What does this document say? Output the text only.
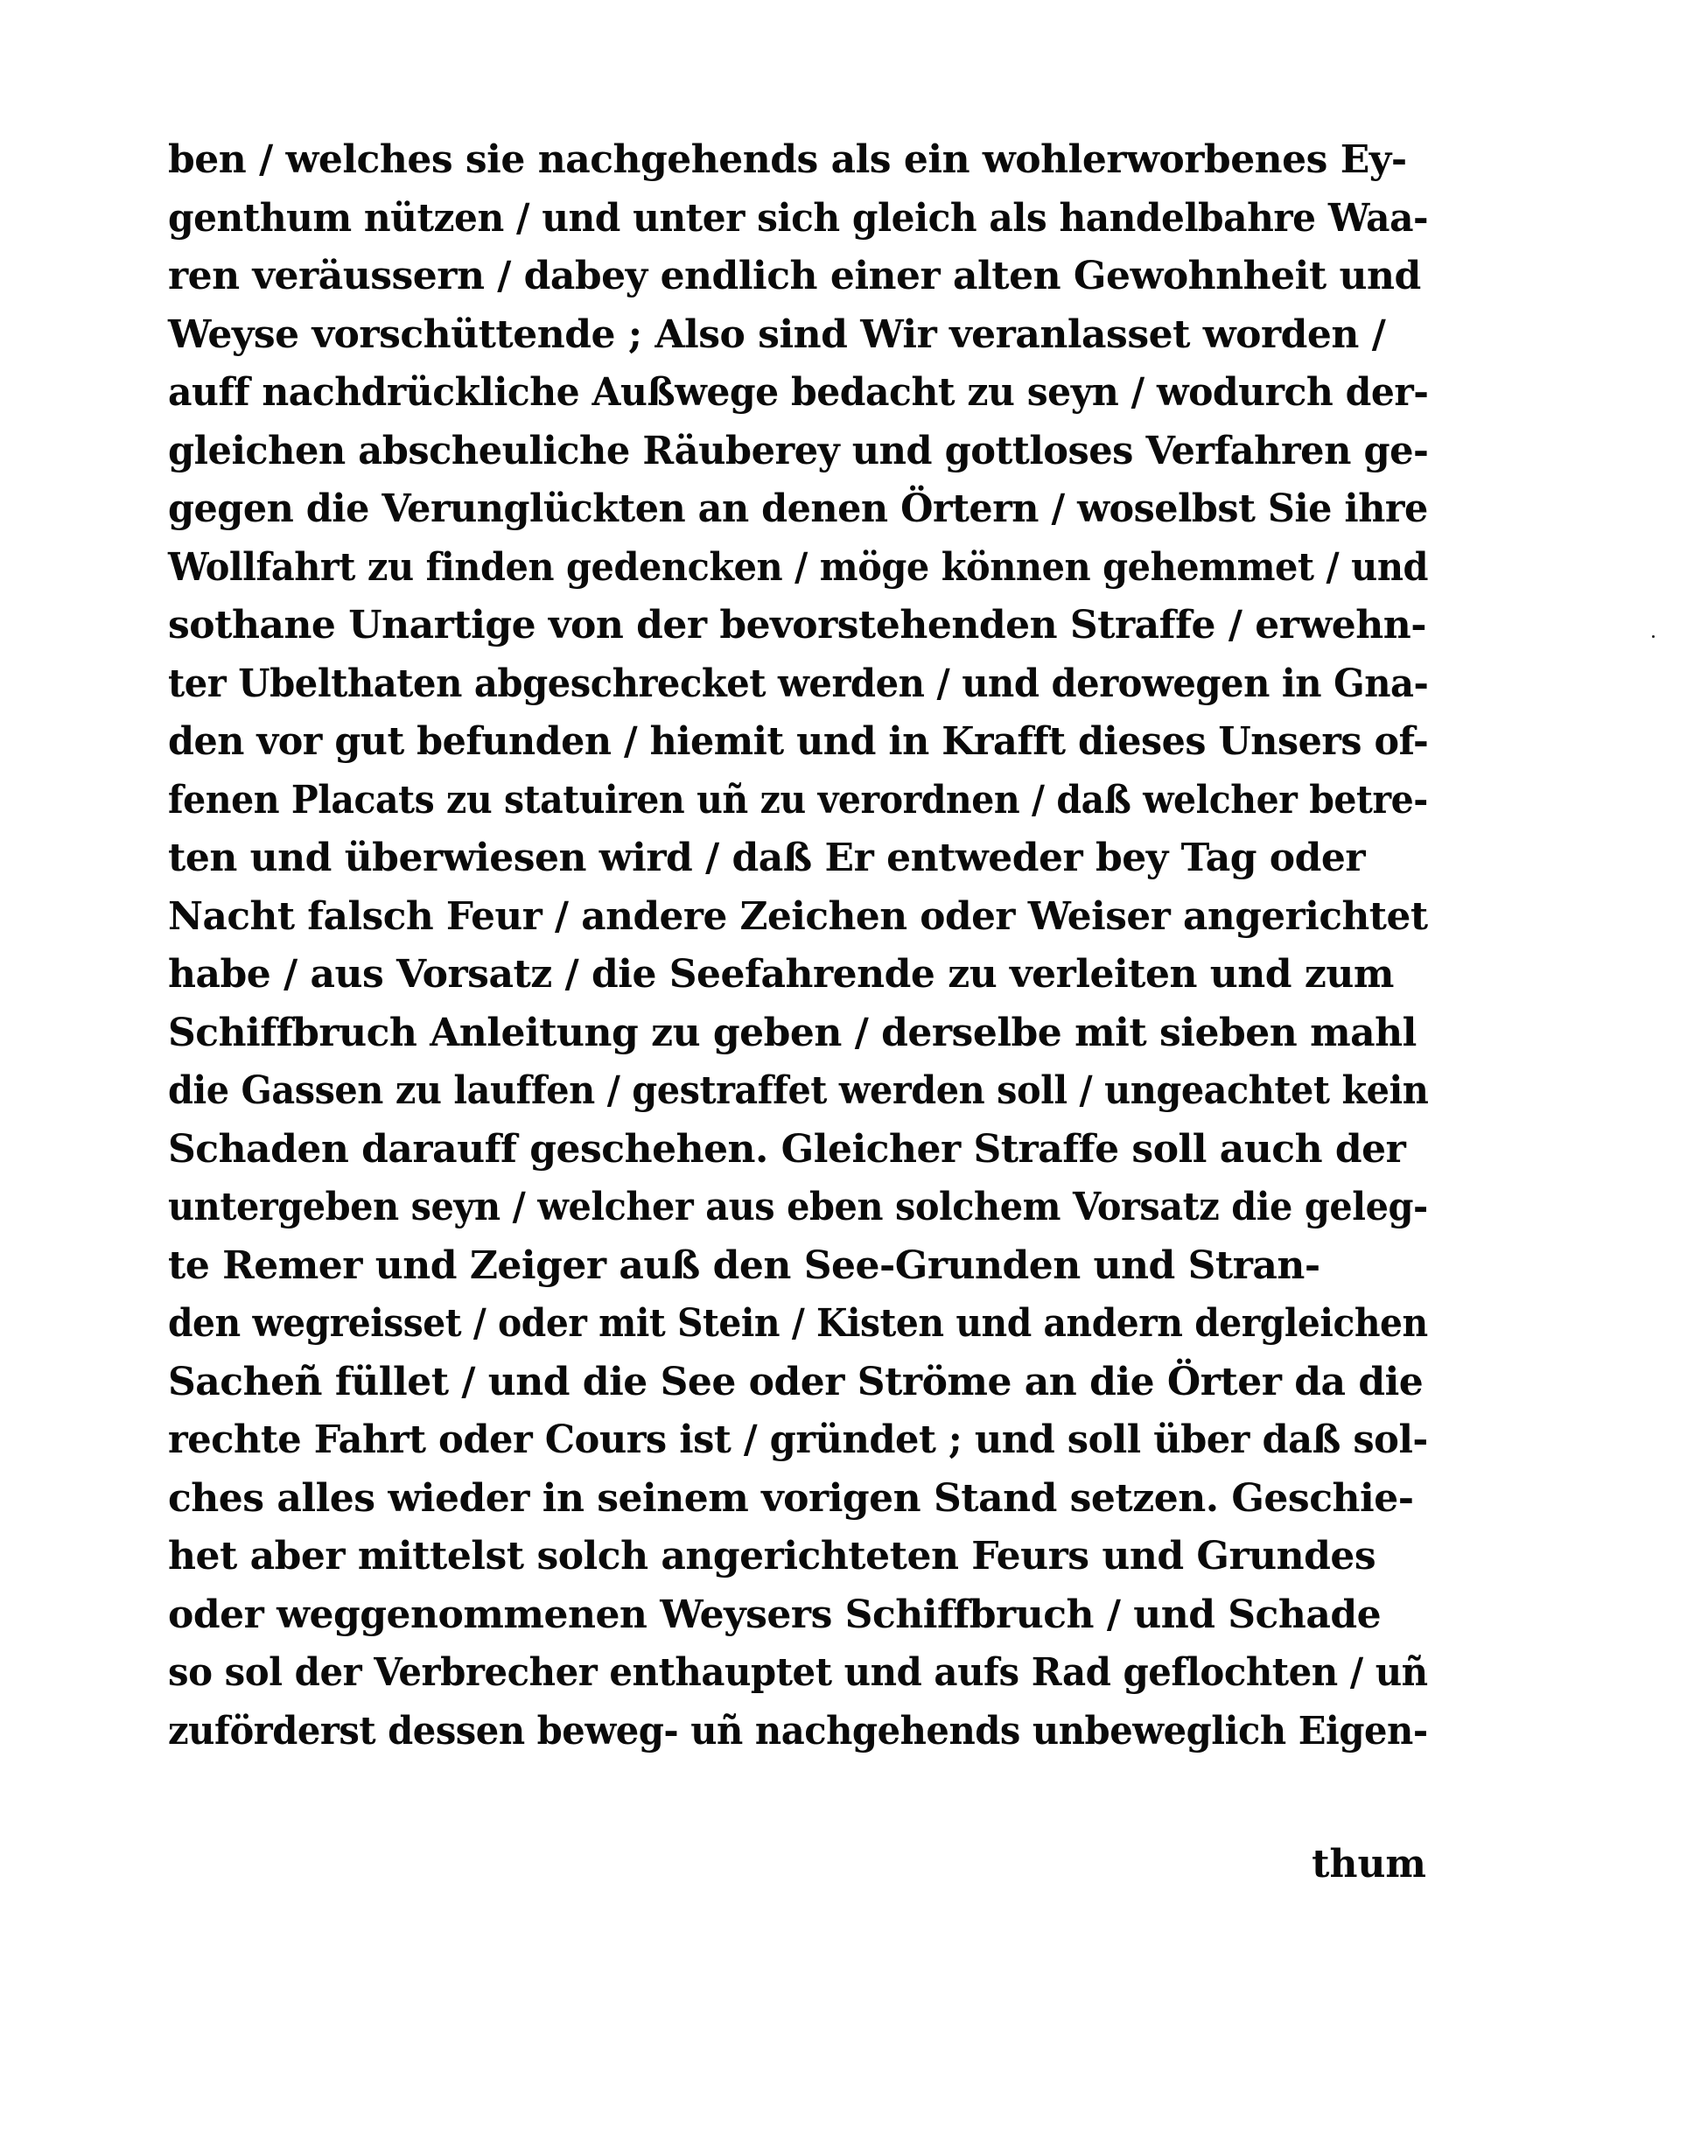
ben / welches sie nachgehends als ein wohlerworbenes Ey-
genthum nützen / und unter sich gleich als handelbahre Waa-
ren veräussern / dabey endlich einer alten Gewohnheit und
Weyse vorschüttende ; Also sind Wir veranlasset worden /
auff nachdrückliche Außwege bedacht zu seyn / wodurch der-
gleichen abscheuliche Räuberey und gottloses Verfahren ge-
gegen die Verunglückten an denen Örtern / woselbst Sie ihre
Wollfahrt zu finden gedencken / möge können gehemmet / und
sothane Unartige von der bevorstehenden Straffe / erwehn-
ter Ubelthaten abgeschrecket werden / und derowegen in Gna-
den vor gut befunden / hiemit und in Krafft dieses Unsers of-
fenen Placats zu statuiren uñ zu verordnen / daß welcher betre-
ten und überwiesen wird / daß Er entweder bey Tag oder
Nacht falsch Feur / andere Zeichen oder Weiser angerichtet
habe / aus Vorsatz / die Seefahrende zu verleiten und zum
Schiffbruch Anleitung zu geben / derselbe mit sieben mahl
die Gassen zu lauffen / gestraffet werden soll / ungeachtet kein
Schaden darauff geschehen. Gleicher Straffe soll auch der
untergeben seyn / welcher aus eben solchem Vorsatz die geleg-
te Remer und Zeiger auß den See-Grunden und Stran-
den wegreisset / oder mit Stein / Kisten und andern dergleichen
Sacheñ füllet / und die See oder Ströme an die Örter da die
rechte Fahrt oder Cours ist / gründet ; und soll über daß sol-
ches alles wieder in seinem vorigen Stand setzen. Geschie-
het aber mittelst solch angerichteten Feurs und Grundes
oder weggenommenen Weysers Schiffbruch / und Schade
so sol der Verbrecher enthauptet und aufs Rad geflochten / uñ
zuförderst dessen beweg- uñ nachgehends unbeweglich Eigen-
thum
